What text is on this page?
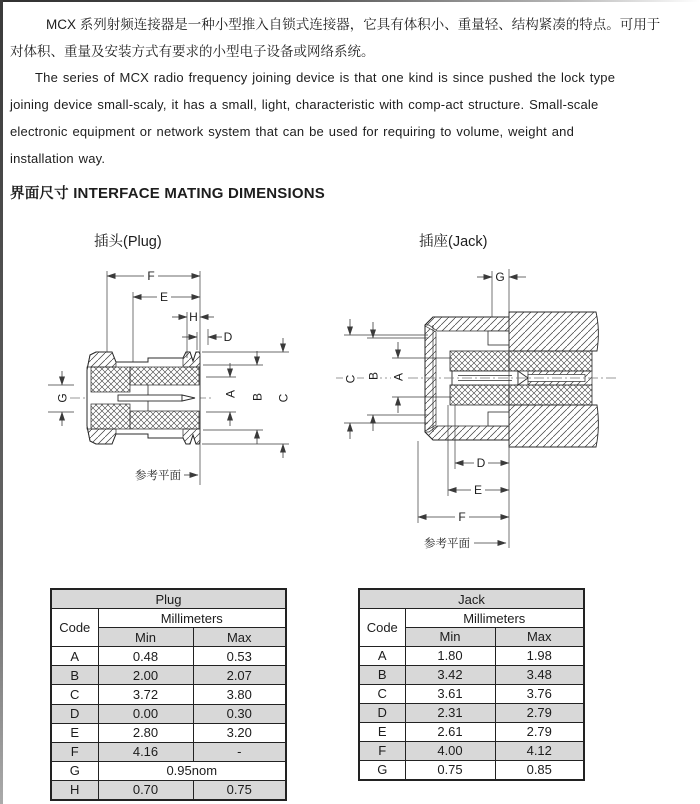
MCX 系列射频连接器是一种小型推入自锁式连接器，它具有体积小、重量轻、结构紧凑的特点。可用于
对体积、重量及安装方式有要求的小型电子设备或网络系统。
The series of MCX radio frequency joining device is that one kind is since pushed the lock type
joining device small-scaly, it has a small, light, characteristic with comp-act structure. Small-scale
electronic equipment or network system that can be used for requiring to volume, weight and
installation way.
界面尺寸 INTERFACE MATING DIMENSIONS
插头(Plug)	插座(Jack)
F
E
H
D
G	A B C
参考平面
G
C B A
D
E
F
参考平面
Plug		
Code	Millimeters	
	Min	Max
A	0.48	0.53
B	2.00	2.07
C	3.72	3.80
D	0.00	0.30
E	2.80	3.20
F	4.16	-
G	0.95nom	
H	0.70	0.75
Jack		
Code	Millimeters	
	Min	Max
A	1.80	1.98
B	3.42	3.48
C	3.61	3.76
D	2.31	2.79
E	2.61	2.79
F	4.00	4.12
G	0.75	0.85
